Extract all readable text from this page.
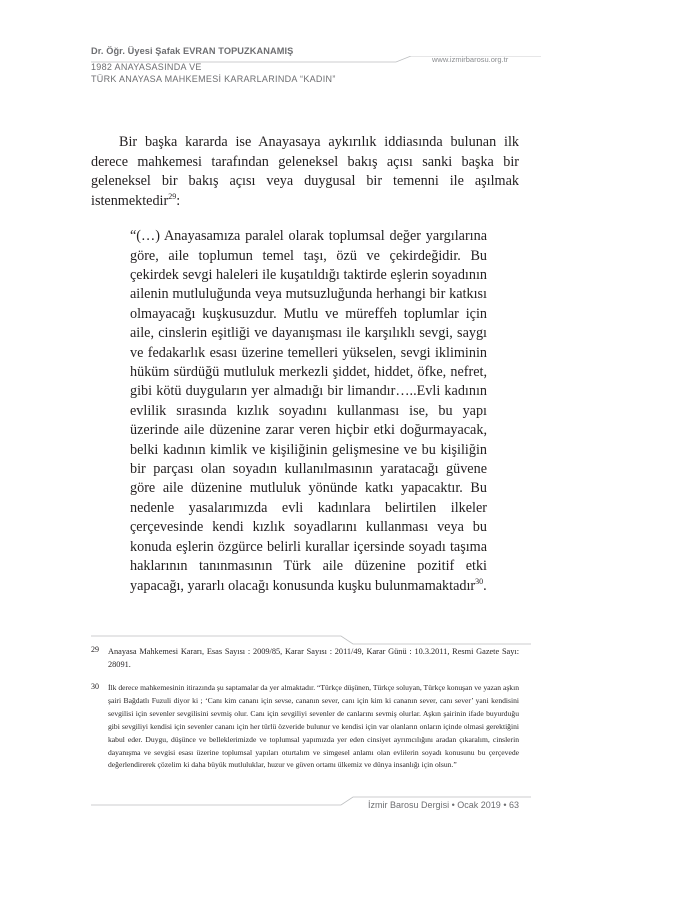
Dr. Öğr. Üyesi Şafak EVRAN TOPUZKANAMIŞ
www.izmirbarosu.org.tr
1982 ANAYASASINDA VE
TÜRK ANAYASA MAHKEMESİ KARARLARINDA “KADIN”

Bir başka kararda ise Anayasaya aykırılık iddiasında bulunan ilk derece mahkemesi tarafından geleneksel bakış açısı sanki başka bir geleneksel bir bakış açısı veya duygusal bir temenni ile aşılmak istenmektedir$^{29}$:

“(…) Anayasamıza paralel olarak toplumsal değer yargılarına göre, aile toplumun temel taşı, özü ve çekirdeğidir. Bu çekirdek sevgi haleleri ile kuşatıldığı taktirde eşlerin soyadının ailenin mutluluğunda veya mutsuzluğunda herhangi bir katkısı olmayacağı kuşkusuzdur. Mutlu ve müreffeh toplumlar için aile, cinslerin eşitliği ve dayanışması ile karşılıklı sevgi, saygı ve fedakarlık esası üzerine temelleri yükselen, sevgi ikliminin hüküm sürdüğü mutluluk merkezli şiddet, hiddet, öfke, nefret, gibi kötü duyguların yer almadığı bir limandır…..Evli kadının evlilik sırasında kızlık soyadını kullanması ise, bu yapı üzerinde aile düzenine zarar veren hiçbir etki doğurmayacak, belki kadının kimlik ve kişiliğinin gelişmesine ve bu kişiliğin bir parçası olan soyadın kullanılmasının yaratacağı güvene göre aile düzenine mutluluk yönünde katkı yapacaktır. Bu nedenle yasalarımızda evli kadınlara belirtilen ilkeler çerçevesinde kendi kızlık soyadlarını kullanması veya bu konuda eşlerin özgürce belirli kurallar içersinde soyadı taşıma haklarının tanınmasının Türk aile düzenine pozitif etki yapacağı, yararlı olacağı konusunda kuşku bulunmamaktadır$^{30}$.

29 Anayasa Mahkemesi Kararı, Esas Sayısı : 2009/85, Karar Sayısı : 2011/49, Karar Günü : 10.3.2011, Resmi Gazete Sayı: 28091.
30 İlk derece mahkemesinin itirazında şu saptamalar da yer almaktadır. “Türkçe düşünen, Türkçe soluyan, Türkçe konuşan ve yazan aşkın şairi Bağdatlı Fuzuli diyor ki ; ‘Canı kim cananı için sevse, cananın sever, canı için kim ki cananın sever, canı sever’ yani kendisini sevgilisi için sevenler sevgilisini sevmiş olur. Canı için sevgiliyi sevenler de canlarını sevmiş olurlar. Aşkın şairinin ifade buyurduğu gibi sevgiliyi kendisi için sevenler cananı için her türlü özveride bulunur ve kendisi için var olanların onların içinde olmasi gerektiğini kabul eder. Duygu, düşünce ve belleklerimizde ve toplumsal yapımızda yer eden cinsiyet ayrımcılığını aradan çıkaralım, cinslerin dayanışma ve sevgisi esası üzerine toplumsal yapıları oturtalım ve simgesel anlamı olan evlilerin soyadı konusunu bu çerçevede değerlendirerek çözelim ki daha büyük mutluluklar, huzur ve güven ortamı ülkemiz ve dünya insanlığı için olsun.”
İzmir Barosu Dergisi • Ocak 2019 • 63
